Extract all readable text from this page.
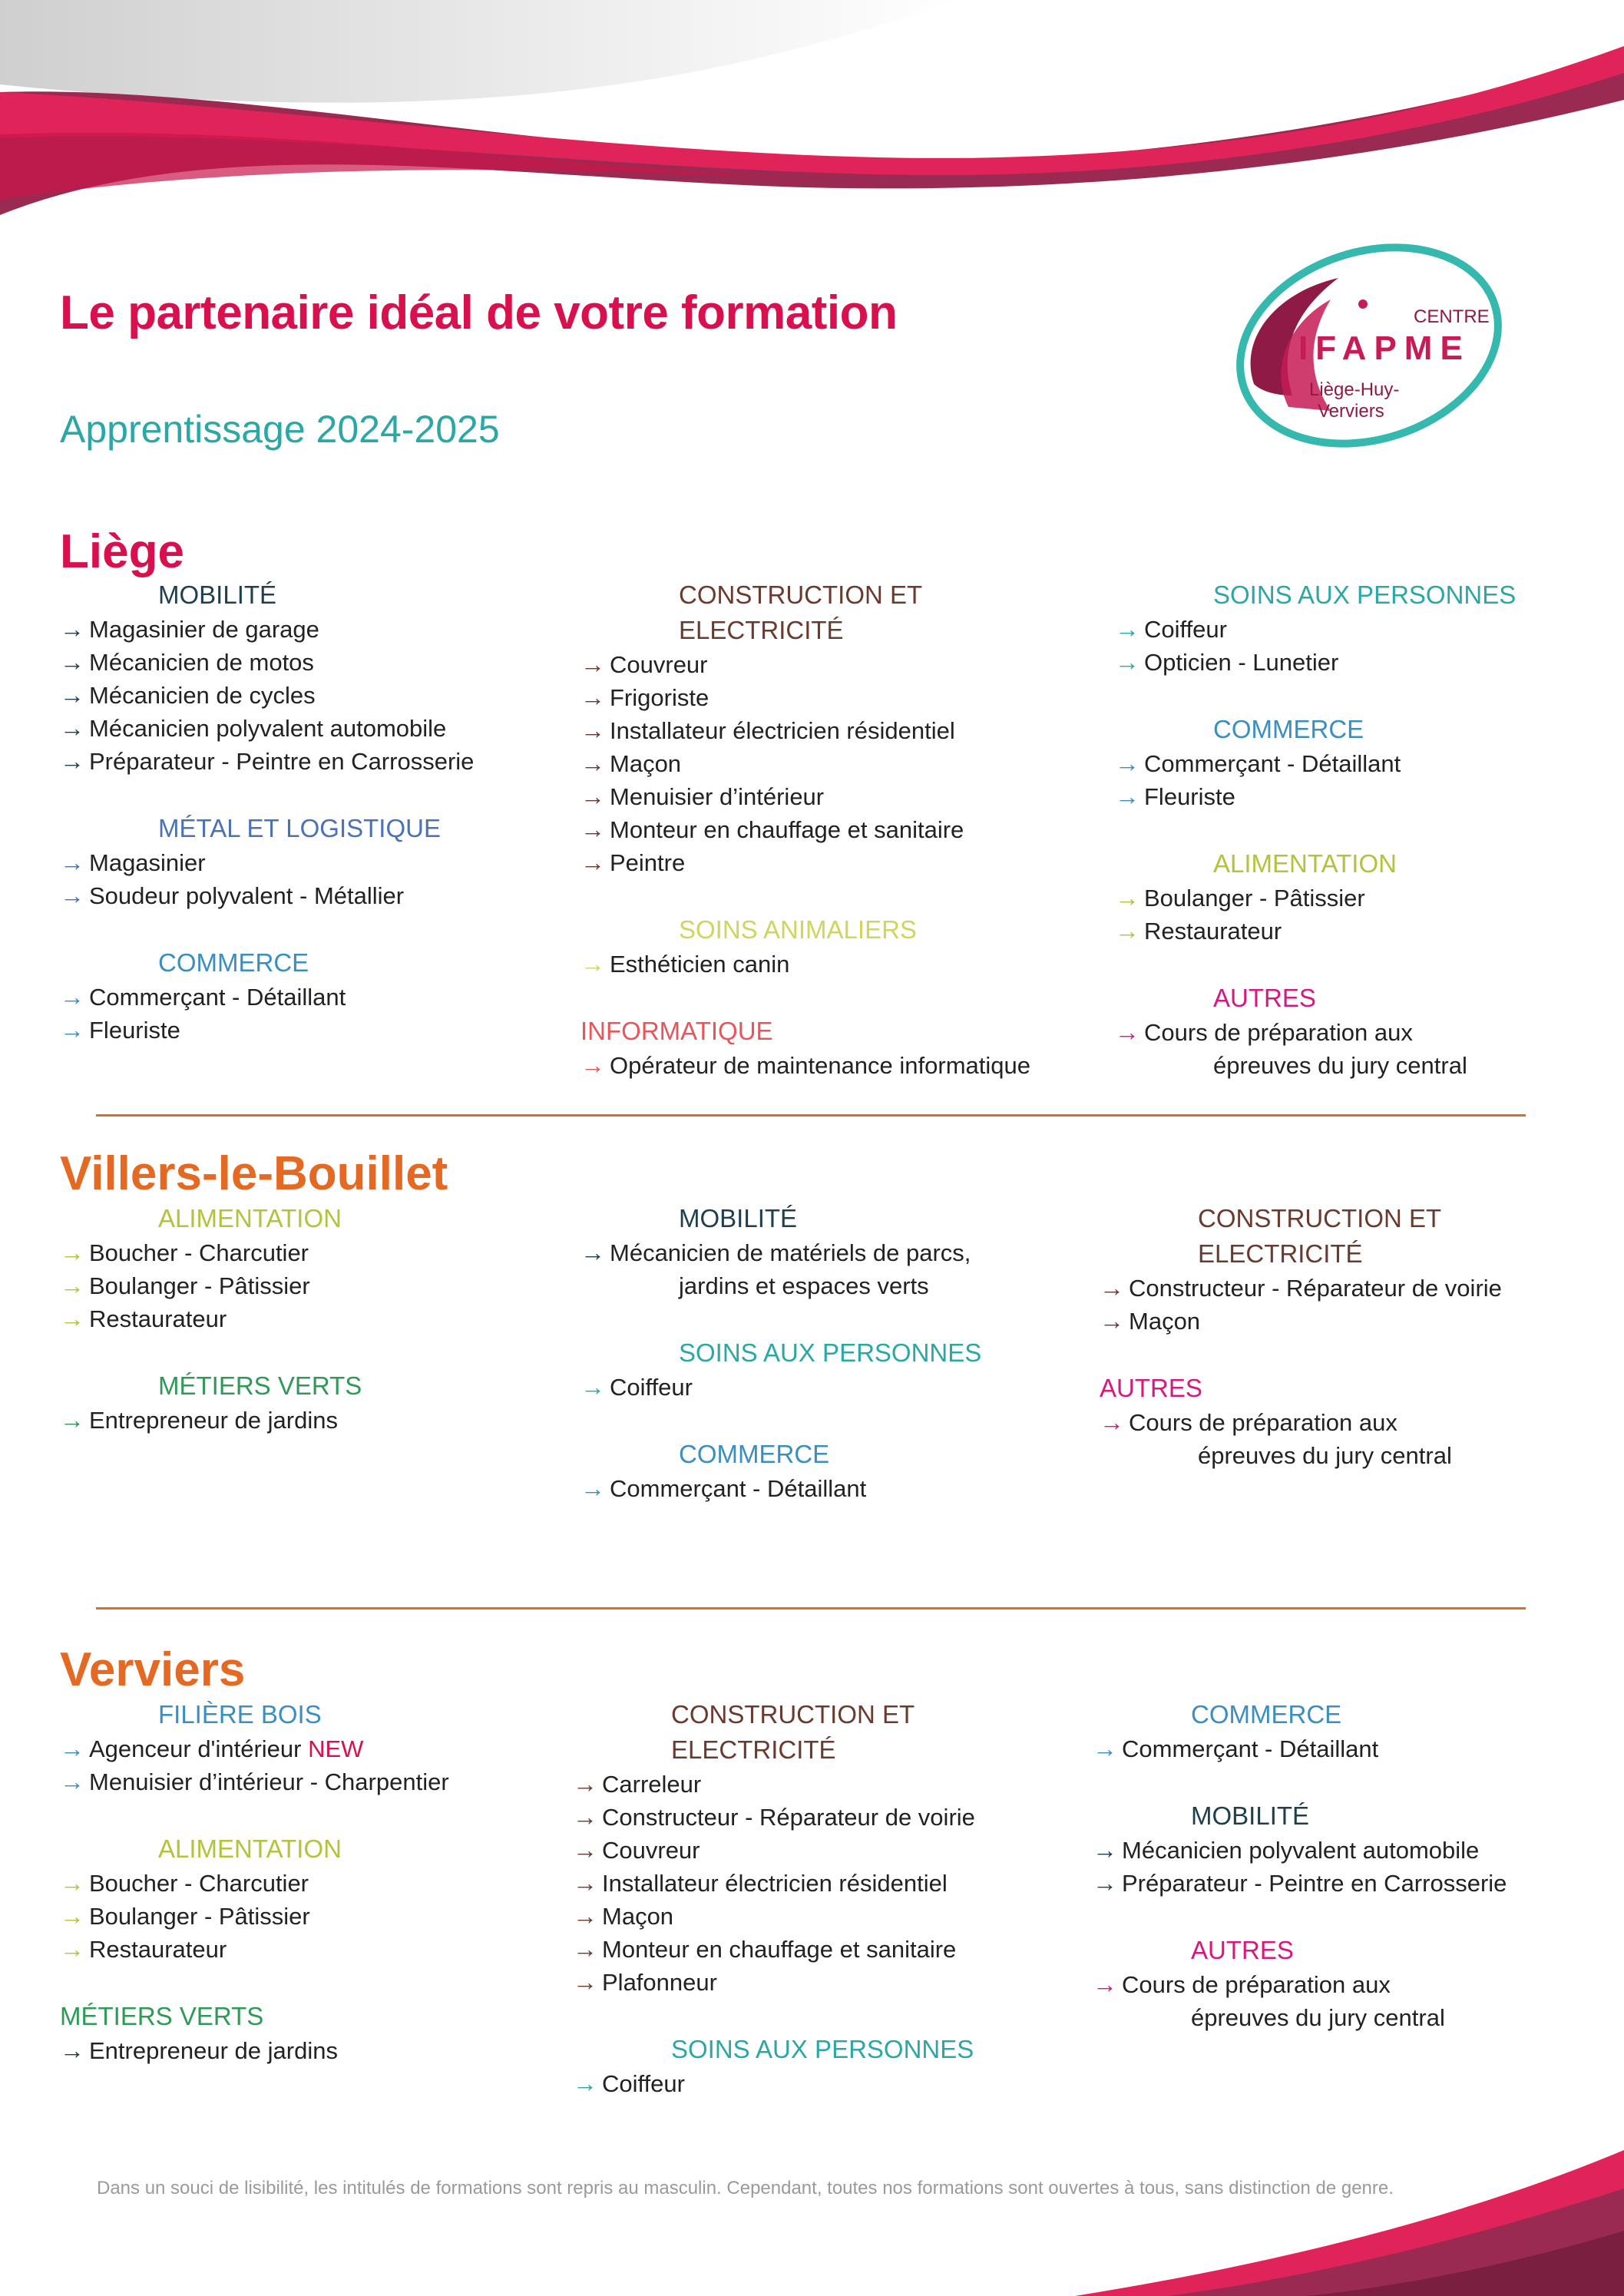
Le partenaire idéal de votre formation
Apprentissage 2024-2025
CENTRE
IFAPME
Liège-Huy-
Verviers
Liège
MOBILITÉ
→ Magasinier de garage
→ Mécanicien de motos
→ Mécanicien de cycles
→ Mécanicien polyvalent automobile
→ Préparateur - Peintre en Carrosserie
MÉTAL ET LOGISTIQUE
→ Magasinier
→ Soudeur polyvalent - Métallier
COMMERCE
→ Commerçant - Détaillant
→ Fleuriste
CONSTRUCTION ET
ELECTRICITÉ
→ Couvreur
→ Frigoriste
→ Installateur électricien résidentiel
→ Maçon
→ Menuisier d’intérieur
→ Monteur en chauffage et sanitaire
→ Peintre
SOINS ANIMALIERS
→ Esthéticien canin
INFORMATIQUE
→ Opérateur de maintenance informatique
SOINS AUX PERSONNES
→ Coiffeur
→ Opticien - Lunetier
COMMERCE
→ Commerçant - Détaillant
→ Fleuriste
ALIMENTATION
→ Boulanger - Pâtissier
→ Restaurateur
AUTRES
→ Cours de préparation aux
épreuves du jury central
Villers-le-Bouillet
ALIMENTATION
→ Boucher - Charcutier
→ Boulanger - Pâtissier
→ Restaurateur
MÉTIERS VERTS
→ Entrepreneur de jardins
MOBILITÉ
→ Mécanicien de matériels de parcs,
jardins et espaces verts
SOINS AUX PERSONNES
→ Coiffeur
COMMERCE
→ Commerçant - Détaillant
CONSTRUCTION ET
ELECTRICITÉ
→ Constructeur - Réparateur de voirie
→ Maçon
AUTRES
→ Cours de préparation aux
épreuves du jury central
Verviers
FILIÈRE BOIS
→ Agenceur d'intérieur NEW
→ Menuisier d’intérieur - Charpentier
ALIMENTATION
→ Boucher - Charcutier
→ Boulanger - Pâtissier
→ Restaurateur
MÉTIERS VERTS
→ Entrepreneur de jardins
CONSTRUCTION ET
ELECTRICITÉ
→ Carreleur
→ Constructeur - Réparateur de voirie
→ Couvreur
→ Installateur électricien résidentiel
→ Maçon
→ Monteur en chauffage et sanitaire
→ Plafonneur
SOINS AUX PERSONNES
→ Coiffeur
COMMERCE
→ Commerçant - Détaillant
MOBILITÉ
→ Mécanicien polyvalent automobile
→ Préparateur - Peintre en Carrosserie
AUTRES
→ Cours de préparation aux
épreuves du jury central
Dans un souci de lisibilité, les intitulés de formations sont repris au masculin. Cependant, toutes nos formations sont ouvertes à tous, sans distinction de genre.
